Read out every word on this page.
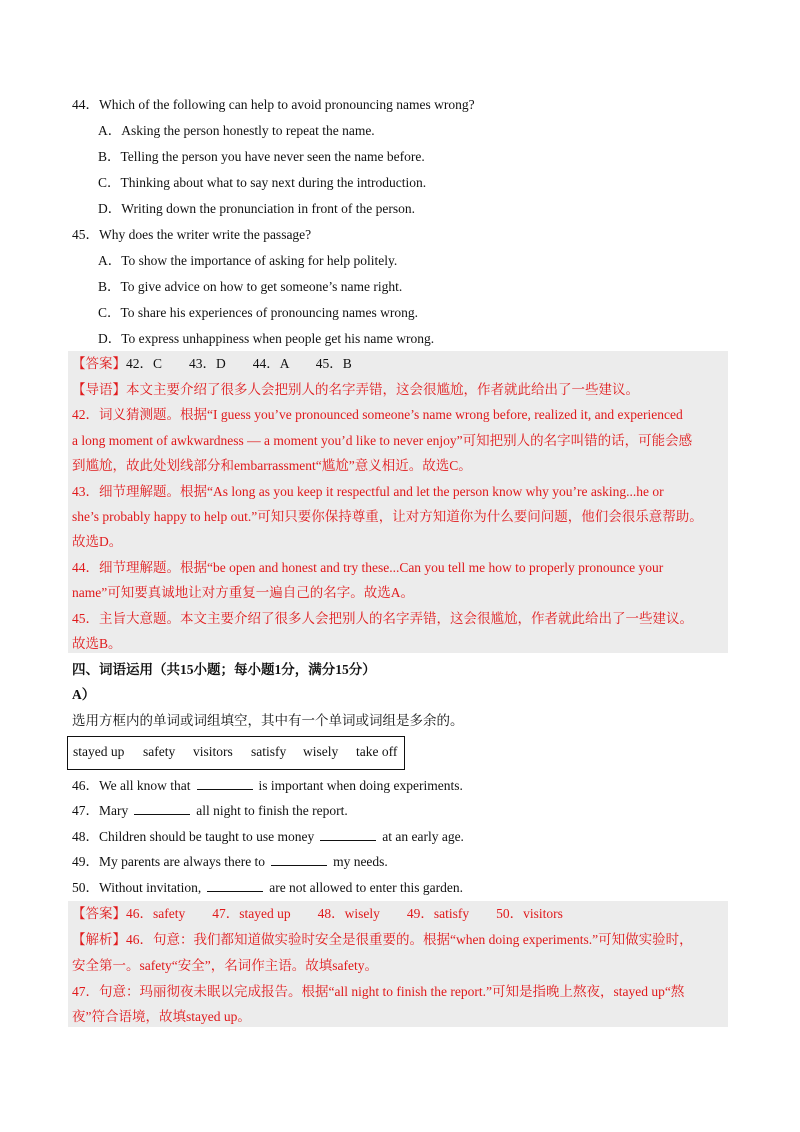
44．Which of the following can help to avoid pronouncing names wrong?
A．Asking the person honestly to repeat the name.
B．Telling the person you have never seen the name before.
C．Thinking about what to say next during the introduction.
D．Writing down the pronunciation in front of the person.
45．Why does the writer write the passage?
A．To show the importance of asking for help politely.
B．To give advice on how to get someone’s name right.
C．To share his experiences of pronouncing names wrong.
D．To express unhappiness when people get his name wrong.
【答案】42．C　　43．D　　44．A　　45．B
【导语】本文主要介绍了很多人会把别人的名字弄错，这会很尴尬，作者就此给出了一些建议。
42．词义猜测题。根据“I guess you’ve pronounced someone’s name wrong before, realized it, and experienced
a long moment of awkwardness — a moment you’d like to never enjoy”可知把别人的名字叫错的话，可能会感
到尴尬，故此处划线部分和embarrassment“尴尬”意义相近。故选C。
43．细节理解题。根据“As long as you keep it respectful and let the person know why you’re asking...he or
she’s probably happy to help out.”可知只要你保持尊重，让对方知道你为什么要问问题，他们会很乐意帮助。
故选D。
44．细节理解题。根据“be open and honest and try these...Can you tell me how to properly pronounce your
name”可知要真诚地让对方重复一遍自己的名字。故选A。
45．主旨大意题。本文主要介绍了很多人会把别人的名字弄错，这会很尴尬，作者就此给出了一些建议。
故选B。
四、词语运用（共15小题；每小题1分，满分15分）
A）
选用方框内的单词或词组填空，其中有一个单词或词组是多余的。
stayed up safety visitors satisfy wisely take off
46．We all know that	is important when doing experiments.
47．Mary	all night to finish the report.
48．Children should be taught to use money	at an early age.
49．My parents are always there to	my needs.
50．Without invitation,	are not allowed to enter this garden.
【答案】46．safety　　47．stayed up　　48．wisely　　49．satisfy　　50．visitors
【解析】46．句意：我们都知道做实验时安全是很重要的。根据“when doing experiments.”可知做实验时，
安全第一。safety“安全”，名词作主语。故填safety。
47．句意：玛丽彻夜未眠以完成报告。根据“all night to finish the report.”可知是指晚上熬夜，stayed up“熬
夜”符合语境，故填stayed up。
